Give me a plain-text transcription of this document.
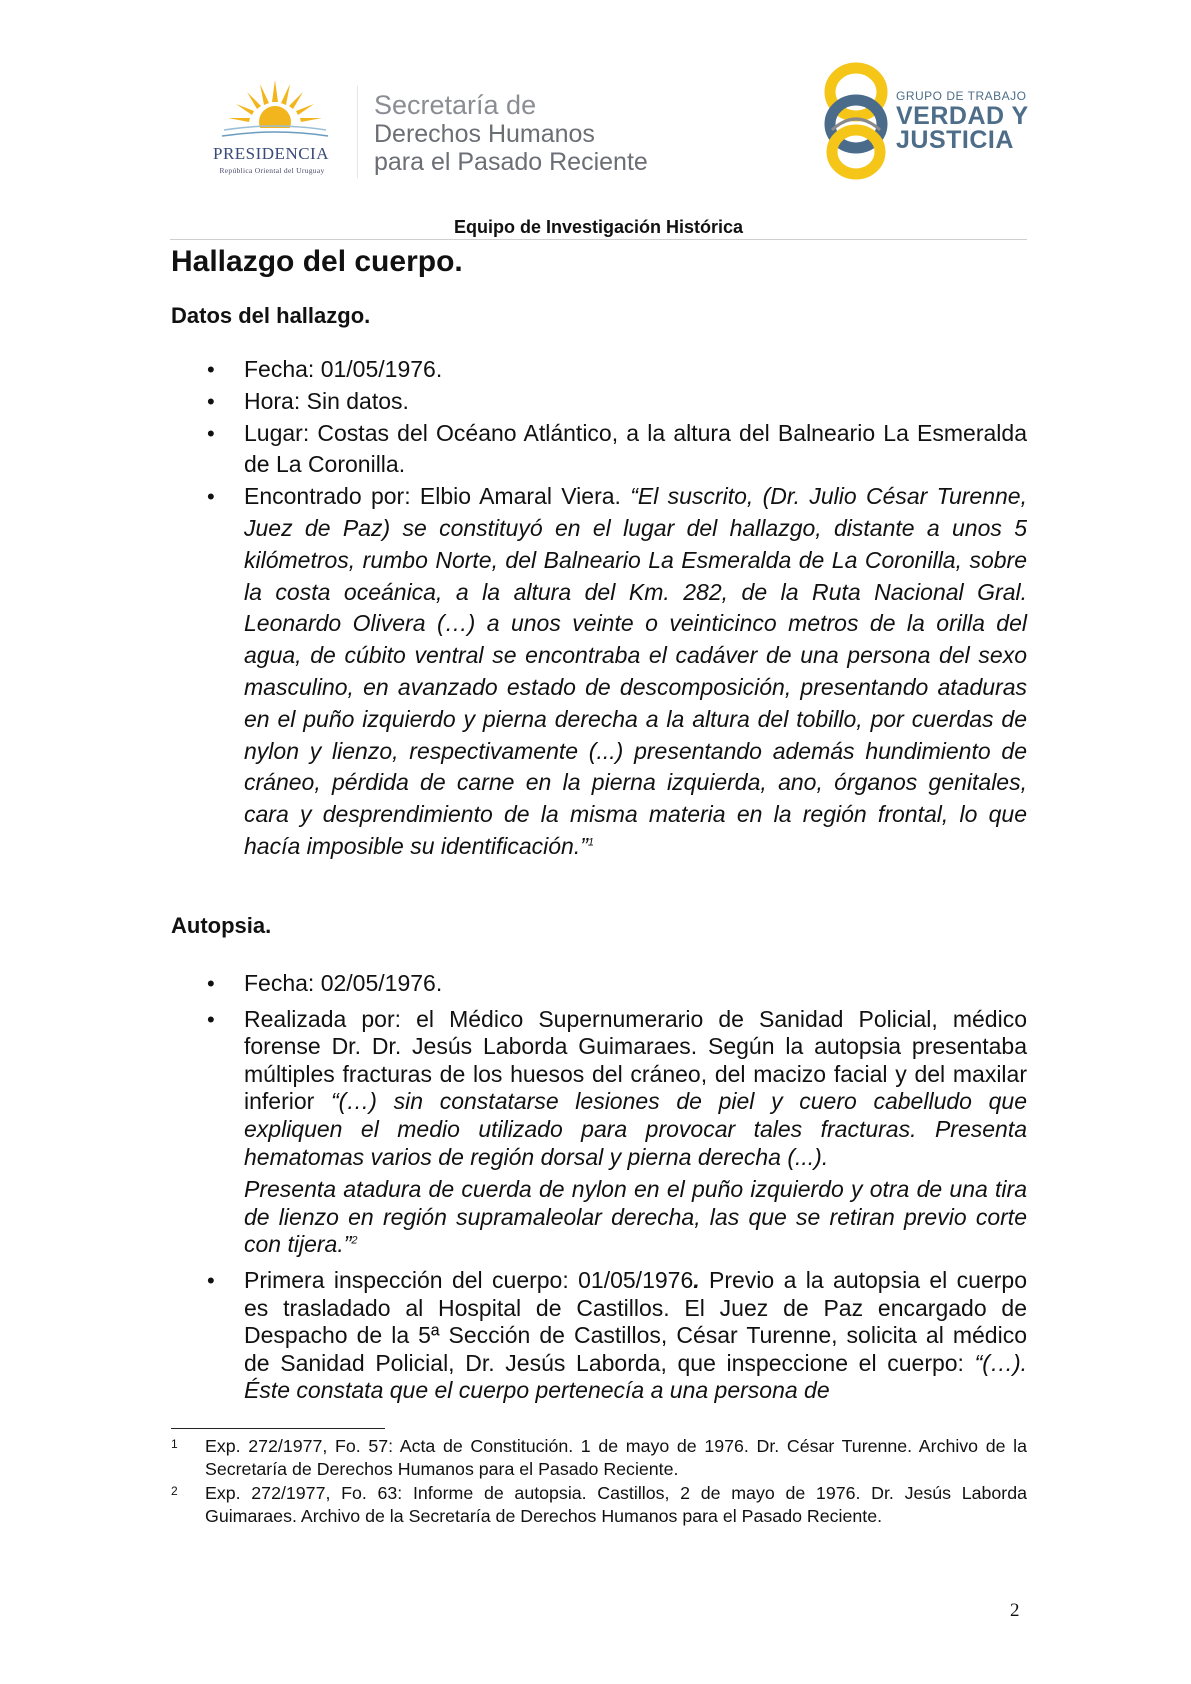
PRESIDENCIA
República Oriental del Uruguay
Secretaría de
Derechos Humanos
para el Pasado Reciente
GRUPO DE TRABAJO
VERDAD Y
JUSTICIA
Equipo de Investigación Histórica
Hallazgo del cuerpo.
Datos del hallazgo.
• Fecha: 01/05/1976.
• Hora: Sin datos.
• Lugar: Costas del Océano Atlántico, a la altura del Balneario La Esmeralda de La Coronilla.
• Encontrado por: Elbio Amaral Viera. “El suscrito, (Dr. Julio César Turenne, Juez de Paz) se constituyó en el lugar del hallazgo, distante a unos 5 kilómetros, rumbo Norte, del Balneario La Esmeralda de La Coronilla, sobre la costa oceánica, a la altura del Km. 282, de la Ruta Nacional Gral. Leonardo Olivera (…) a unos veinte o veinticinco metros de la orilla del agua, de cúbito ventral se encontraba el cadáver de una persona del sexo masculino, en avanzado estado de descomposición, presentando ataduras en el puño izquierdo y pierna derecha a la altura del tobillo, por cuerdas de nylon y lienzo, respectivamente (...) presentando además hundimiento de cráneo, pérdida de carne en la pierna izquierda, ano, órganos genitales, cara y desprendimiento de la misma materia en la región frontal, lo que hacía imposible su identificación.”$^1$
Autopsia.
• Fecha: 02/05/1976.
• Realizada por: el Médico Supernumerario de Sanidad Policial, médico forense Dr. Dr. Jesús Laborda Guimaraes. Según la autopsia presentaba múltiples fracturas de los huesos del cráneo, del macizo facial y del maxilar inferior “(…) sin constatarse lesiones de piel y cuero cabelludo que expliquen el medio utilizado para provocar tales fracturas. Presenta hematomas varios de región dorsal y pierna derecha (...).
Presenta atadura de cuerda de nylon en el puño izquierdo y otra de una tira de lienzo en región supramaleolar derecha, las que se retiran previo corte con tijera.”$^2$
• Primera inspección del cuerpo: 01/05/1976. Previo a la autopsia el cuerpo es trasladado al Hospital de Castillos. El Juez de Paz encargado de Despacho de la 5ª Sección de Castillos, César Turenne, solicita al médico de Sanidad Policial, Dr. Jesús Laborda, que inspeccione el cuerpo: “(…). Éste constata que el cuerpo pertenecía a una persona de
1 Exp. 272/1977, Fo. 57: Acta de Constitución. 1 de mayo de 1976. Dr. César Turenne. Archivo de la Secretaría de Derechos Humanos para el Pasado Reciente.
2 Exp. 272/1977, Fo. 63: Informe de autopsia. Castillos, 2 de mayo de 1976. Dr. Jesús Laborda Guimaraes. Archivo de la Secretaría de Derechos Humanos para el Pasado Reciente.
2
